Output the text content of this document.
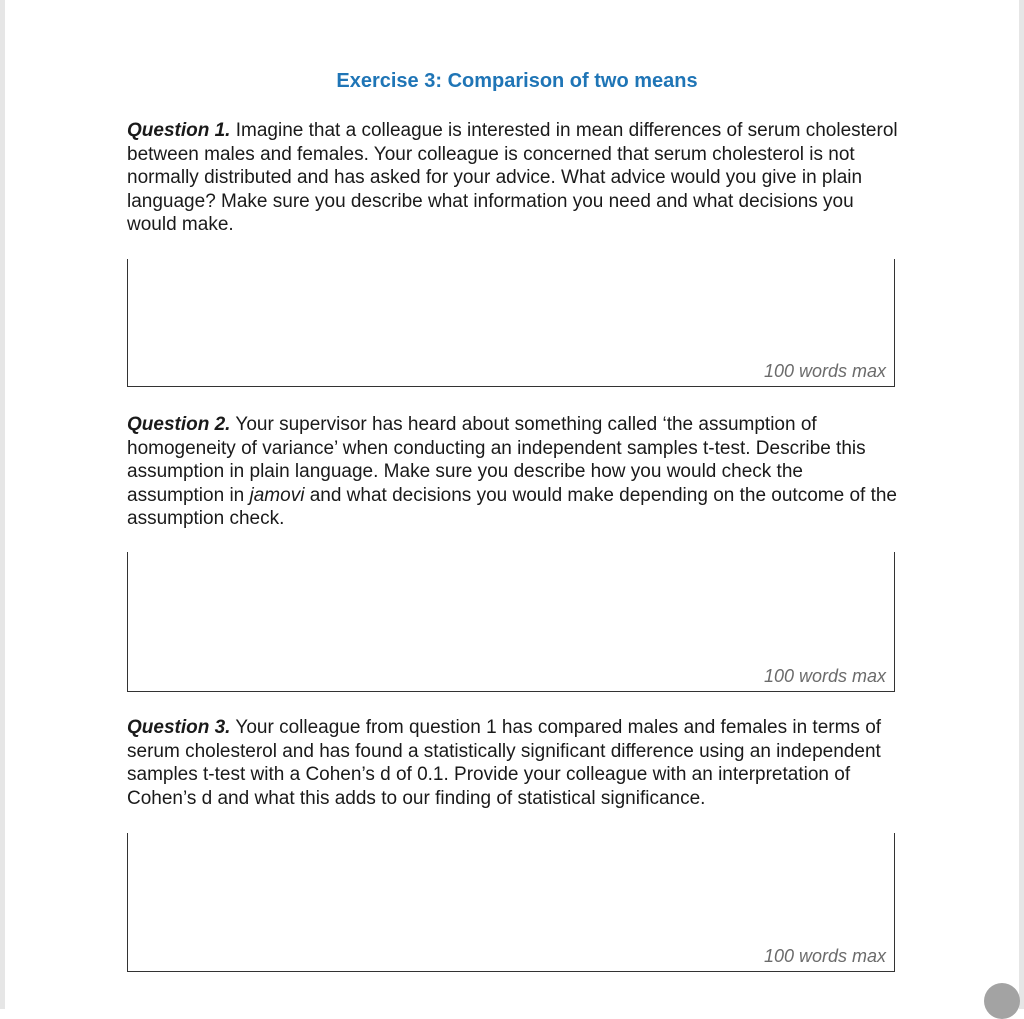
Exercise 3: Comparison of two means
Question 1. Imagine that a colleague is interested in mean differences of serum cholesterol between males and females. Your colleague is concerned that serum cholesterol is not normally distributed and has asked for your advice. What advice would you give in plain language? Make sure you describe what information you need and what decisions you would make.
100 words max
Question 2. Your supervisor has heard about something called ‘the assumption of homogeneity of variance’ when conducting an independent samples t-test. Describe this assumption in plain language. Make sure you describe how you would check the assumption in jamovi and what decisions you would make depending on the outcome of the assumption check.
100 words max
Question 3. Your colleague from question 1 has compared males and females in terms of serum cholesterol and has found a statistically significant difference using an independent samples t-test with a Cohen’s d of 0.1. Provide your colleague with an interpretation of Cohen’s d and what this adds to our finding of statistical significance.
100 words max
